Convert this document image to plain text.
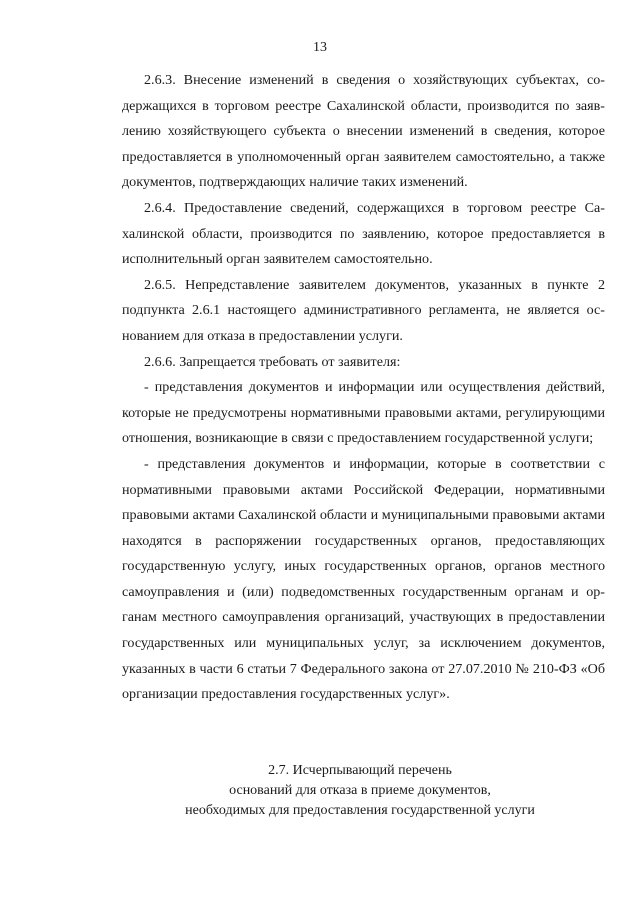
13

2.6.3. Внесение изменений в сведения о хозяйствующих субъектах, содержащихся в торговом реестре Сахалинской области, производится по заявлению хозяйствующего субъекта о внесении изменений в сведения, которое предоставляется в уполномоченный орган заявителем самостоятельно, а также документов, подтверждающих наличие таких изменений.

2.6.4. Предоставление сведений, содержащихся в торговом реестре Сахалинской области, производится по заявлению, которое предоставляется в исполнительный орган заявителем самостоятельно.

2.6.5. Непредставление заявителем документов, указанных в пункте 2 подпункта 2.6.1 настоящего административного регламента, не является основанием для отказа в предоставлении услуги.

2.6.6. Запрещается требовать от заявителя:

- представления документов и информации или осуществления действий, которые не предусмотрены нормативными правовыми актами, регулирующими отношения, возникающие в связи с предоставлением государственной услуги;

- представления документов и информации, которые в соответствии с нормативными правовыми актами Российской Федерации, нормативными правовыми актами Сахалинской области и муниципальными правовыми актами находятся в распоряжении государственных органов, предоставляющих государственную услугу, иных государственных органов, органов местного самоуправления и (или) подведомственных государственным органам и органам местного самоуправления организаций, участвующих в предоставлении государственных или муниципальных услуг, за исключением документов, указанных в части 6 статьи 7 Федерального закона от 27.07.2010 № 210-ФЗ «Об организации предоставления государственных услуг».

2.7. Исчерпывающий перечень
оснований для отказа в приеме документов,
необходимых для предоставления государственной услуги
